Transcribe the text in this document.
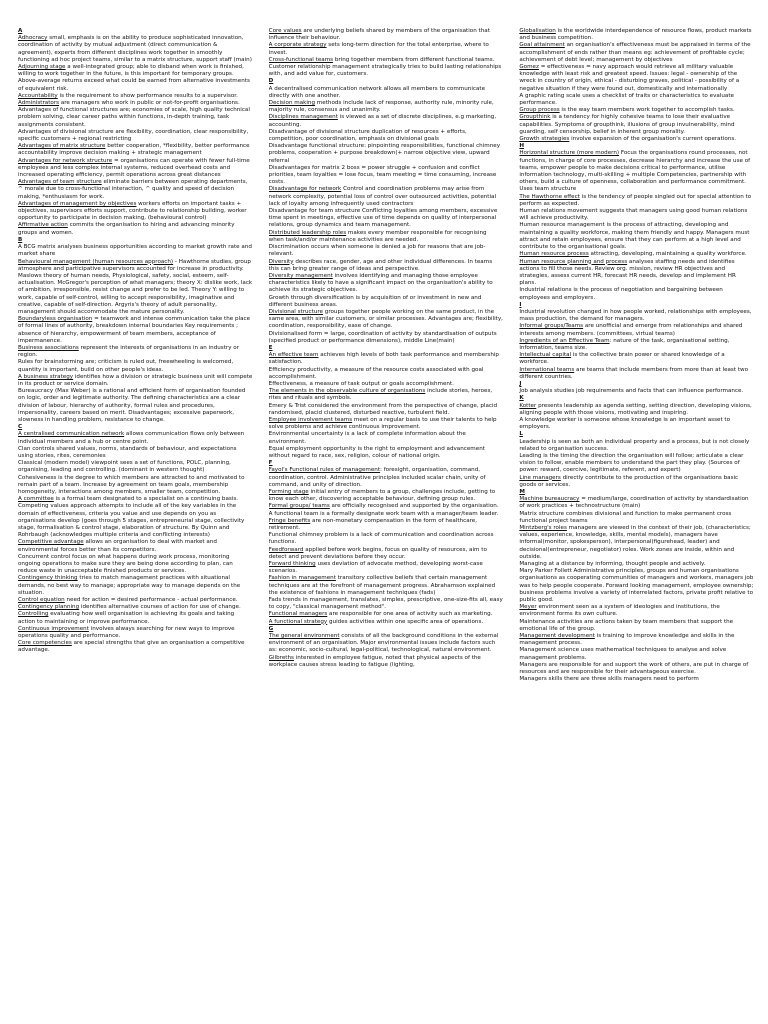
A

Adhocracy small, emphasis is on the ability to produce sophisticated innovation, coordination of activity by mutual adjustment (direct communication & agreement), experts from different disciplines work together in smoothly functioning ad hoc project teams, similar to a matrix structure, support staff (main)

Adjourning stage a well-integrated group; able to disband when work is finished, willing to work together in the future, is this important for temporary groups.

Above-average returns exceed what could be earned from alternative investments of equivalent risk.

Accountability is the requirement to show performance results to a supervisor.

Administrators are managers who work in public or not-for-profit organisations.

Advantages of functional structures are; economies of scale, high quality technical problem solving, clear career paths within functions, in-depth training, task assignments consistent.

Advantages of divisional structure are flexibility, coordination, clear responsibility, specific customers + regional restricting

Advantages of matrix structure better cooperation, *flexibility, better performance accountability improve decision making + strategic management

Advantages for network structure = organisations can operate with fewer full-time employees and less complex internal systems, reduced overhead costs and increased operating efficiency, permit operations across great distances

Advantages of team structure eliminate barriers between operating departments, ^ morale due to cross-functional interaction, ^ quality and speed of decision making, *enthusiasm for work.

Advantages of management by objectives workers efforts on important tasks + objectives, supervisors efforts support, contribute to relationship building, worker opportunity to participate in decision making, (behavioural control)

Affirmative action commits the organisation to hiring and advancing minority groups and women.

B

A BCG matrix analyses business opportunities according to market growth rate and market share

Behavioural management (human resources approach) - Hawthorne studies, group atmosphere and participative supervisors accounted for increase in productivity. Maslows theory of human needs, Physiological, safety, social, esteem, self-actualisation. McGregor's perception of what managers; theory X: dislike work, lack of ambition, irresponsible, resist change and prefer to be led. Theory Y: willing to work, capable of self-control, willing to accept responsibility, imaginative and creative, capable of self-direction. Argyris's theory of adult personality, management should accommodate the mature personality.

Boundaryless organisation = teamwork and intense communication take the place of formal lines of authority, breakdown internal boundaries Key requirements ; absence of hierarchy, empowerment of team members, acceptance of impermanence.

Business associations represent the interests of organisations in an industry or region.

Rules for brainstorming are; criticism is ruled out, freewheeling is welcomed, quantity is important, build on other people's ideas.

A business strategy identifies how a division or strategic business unit will compete in its product or service domain.

Bureaucracy (Max Weber) is a rational and efficient form of organisation founded on logic, order and legitimate authority. The defining characteristics are a clear division of labour, hierarchy of authority, formal rules and procedures, impersonality, careers based on merit. Disadvantages; excessive paperwork, slowness in handling problem, resistance to change.

C

A centralised communication network allows communication flows only between individual members and a hub or centre point.

Clan controls shared values, norms, standards of behaviour, and expectations using stories, rites, ceremonies

Classical (modern model) viewpoint sees a set of functions, POLC, planning, organising, leading and controlling. (dominant in western thought)

Cohesiveness is the degree to which members are attracted to and motivated to remain part of a team. Increase by agreement on team goals, membership homogeneity, interactions among members, smaller team, competition.

A committee is a formal team designated to a specialist on a continuing basis.

Competing values approach attempts to include all of the key variables in the domain of effectiveness, criteria you value and use depends on you as organisations develop (goes through 5 stages, entrepreneurial stage, collectivity stage, formalisation & control stage, elaboration of structure. By Quinn and Rohrbaugh (acknowledges multiple criteria and conflicting interests)

Competitive advantage allows an organisation to deal with market and environmental forces better than its competitors.

Concurrent control focus on what happens during work process, monitoring ongoing operations to make sure they are being done according to plan, can reduce waste in unacceptable finished products or services.

Contingency thinking tries to match management practices with situational demands, no best way to manage; appropriate way to manage depends on the situation.

Control equation need for action = desired performance - actual performance.

Contingency planning identifies alternative courses of action for use of change.

Controlling evaluating how well organisation is achieving its goals and taking action to maintaining or improve performance.

Continuous improvement involves always searching for new ways to improve operations quality and performance.

Core competencies are special strengths that give an organisation a competitive advantage.

Core values are underlying beliefs shared by members of the organisation that influence their behaviour.

A corporate strategy sets long-term direction for the total enterprise, where to invest.

Cross-functional teams bring together members from different functional teams.

Customer relationship management strategically tries to build lasting relationships with, and add value for, customers.

D

A decentralised communication network allows all members to communicate directly with one another.

Decision making methods include lack of response, authority rule, minority rule, majority rule, consensus and unanimity.

Disciplines management is viewed as a set of discrete disciplines, e.g marketing, accounting.

Disadvantage of divisional structure duplication of resources + efforts, competition, poor coordination, emphasis on divisional goals

Disadvantage functional structure: pinpointing responsibilities, functional chimney problems, cooperation + purpose breakdown(+ narrow objective view, upward referral

Disadvantages for matrix 2 boss = power struggle + confusion and conflict priorities, team loyalties = lose focus, team meeting = time consuming, increase costs.

Disadvantage for network Control and coordination problems may arise from network complexity, potential loss of control over outsourced activities, potential lack of loyalty among infrequently used contractors

Disadvantage for team structure Conflicting loyalties among members, excessive time spent in meetings, effective use of time depends on quality of interpersonal relations, group dynamics and team management.

Distributed leadership roles makes every member responsible for recognising when task/and/or maintenance activities are needed.

Discrimination occurs when someone is denied a job for reasons that are job-relevant.

Diversity describes race, gender, age and other individual differences. In teams this can bring greater range of ideas and perspective.

Diversity management involves identifying and managing those employee characteristics likely to have a significant impact on the organisation's ability to achieve its strategic objectives.

Growth through diversification is by acquisition of or investment in new and different business areas.

Divisional structure groups together people working on the same product, in the same area, with similar customers, or similar processes. Advantages are; flexibility, coordination, responsibility, ease of change.

Divisionalised form = large, coordination of activity by standardisation of outputs (specified product or performance dimensions), middle Line(main)

E

An effective team achieves high levels of both task performance and membership satisfaction.

Efficiency productivity, a measure of the resource costs associated with goal accomplishment.

Effectiveness, a measure of task output or goals accomplishment.

The elements in the observable culture of organisations include stories, heroes, rites and rituals and symbols.

Emery & Trist considered the environment from the perspective of change, placid randomised, placid clustered, disturbed reactive, turbulent field.

Employee involvement teams meet on a regular basis to use their talents to help solve problems and achieve continuous improvement.

Environmental uncertainty is a lack of complete information about the environment.

Equal employment opportunity is the right to employment and advancement without regard to race, sex, religion, colour of national origin.

F

Fayol's Functional rules of management: foresight, organisation, command, coordination, control. Administrative principles included scalar chain, unity of command, and unity of direction.

Forming stage initial entry of members to a group, challenges include, getting to know each other, discovering acceptable behaviour, defining group rules.

Formal groups/ teams are officially recognised and supported by the organisation. A functional team is a formally designate work team with a manager/team leader.

Fringe benefits are non-monetary compensation in the form of healthcare, retirement.

Functional chimney problem is a lack of communication and coordination across functions.

Feedforward applied before work begins, focus on quality of resources, aim to detect and prevent deviations before they occur.

Forward thinking uses deviation of advocate method, developing worst-case scenarios.

Fashion in management transitory collective beliefs that certain management techniques are at the forefront of management progress. Abrahamson explained the existence of fashions in management techniques (fads)

Fads trends in management, translates, simplex, prescriptive, one-size-fits all, easy to copy, "classical management method".

Functional managers are responsible for one area of activity such as marketing.

A functional strategy guides activities within one specific area of operations.

G

The general environment consists of all the background conditions in the external environment of an organisation. Major environmental issues include factors such as: economic, socio-cultural, legal-political, technological, natural environment.

Gilbreths interested in employee fatigue, noted that physical aspects of the workplace causes stress leading to fatigue (lighting,

Globalisation is the worldwide interdependence of resource flows, product markets and business competition.

Goal attainment an organisation's effectiveness must be appraised in terms of the accomplishment of ends rather than means eg: achievement of profitable cycle; achievement of debt level; management by objectives

Gomez = effectiveness = navy approach would retrieve all military valuable knowledge with least risk and greatest speed. Issues: legal - ownership of the wreck in country of origin, ethical - disturbing graves, political - possibility of a negative situation if they were found out, domestically and internationally

A graphic rating scale uses a checklist of traits or characteristics to evaluate performance.

Group process is the way team members work together to accomplish tasks.

Groupthink is a tendency for highly cohesive teams to lose their evaluative capabilities. Symptoms of groupthink, illusions of group invulnerability, mind guarding, self censorship, belief in inherent group morality.

Growth strategies involve expansion of the organisation's current operations.

H

Horizontal structure (more modern) Focus the organisations round processes, not functions, in charge of core processes, decrease hierarchy and increase the use of teams, empower people to make decisions critical to performance, utilise information technology, multi-skilling + multiple Competencies, partnership with others, build a culture of openness, collaboration and performance commitment. Uses team structure

The Hawthorne effect is the tendency of people singled out for special attention to perform as expected.

Human relations movement suggests that managers using good human relations will achieve productivity.

Human resource management is the process of attracting, developing and maintaining a quality workforce, making them friendly and happy. Managers must attract and retain employees, ensure that they can perform at a high level and contribute to the organisational goals.

Human resource process attracting, developing, maintaining a quality workforce.

Human resource planning and process analyses staffing needs and identifies actions to fill those needs. Review org. mission, review HR objectives and strategies, assess current HR, forecast HR needs, develop and implement HR plans.

Industrial relations is the process of negotiation and bargaining between employees and employers.

I

Industrial revolution changed in how people worked, relationships with employees, mass production, the demand for managers.

Informal groups/Teams are unofficial and emerge from relationships and shared interests among members. (committees, virtual teams)

Ingredients of an Effective Team: nature of the task, organisational setting, information, teams size.

Intellectual capital is the collective brain power or shared knowledge of a workforce.

International teams are teams that include members from more than at least two different countries.

J

Job analysis studies job requirements and facts that can influence performance.

K

Kotter presents leadership as agenda setting, setting direction, developing visions, aligning people with those visions, motivating and inspiring.

A knowledge worker is someone whose knowledge is an important asset to employers.

L

Leadership is seen as both an individual property and a process, but is not closely related to organisation success.

Leading is the timing the direction the organisation will follow; articulate a clear vision to follow, enable members to understand the part they play. (Sources of power: reward, coercive, legitimate, referent, and expert)

Line managers directly contribute to the production of the organisations basic goods or services.

M

Machine bureaucracy = medium/large, coordination of activity by standardisation of work practices + technostructure (main)

Matrix structure combines divisional and function to make permanent cross functional project teams

Mintzberg's roles managers are viewed in the context of their job, (characteristics; values, experience, knowledge, skills, mental models), managers have informal(monitor, spokesperson), interpersonal(figurehead, leader) and decisional(entrepreneur, negotiator) roles. Work zones are inside, within and outside.

Managing at a distance by informing, thought people and actively.

Mary Parker Follett Administrative principles, groups and human organisations organisations as cooperating communities of managers and workers, managers job was to help people cooperate. Forward looking management, employee ownership; business problems involve a variety of interrelated factors, private profit relative to public good.

Meyer environment seen as a system of ideologies and institutions, the environment forms its own culture.

Maintenance activities are actions taken by team members that support the emotional life of the group.

Management development is training to improve knowledge and skills in the management process.

Management science uses mathematical techniques to analyse and solve management problems.

Managers are responsible for and support the work of others, are put in charge of resources and are responsible for their advantageous exercise.

Managers skills there are three skills managers need to perform
